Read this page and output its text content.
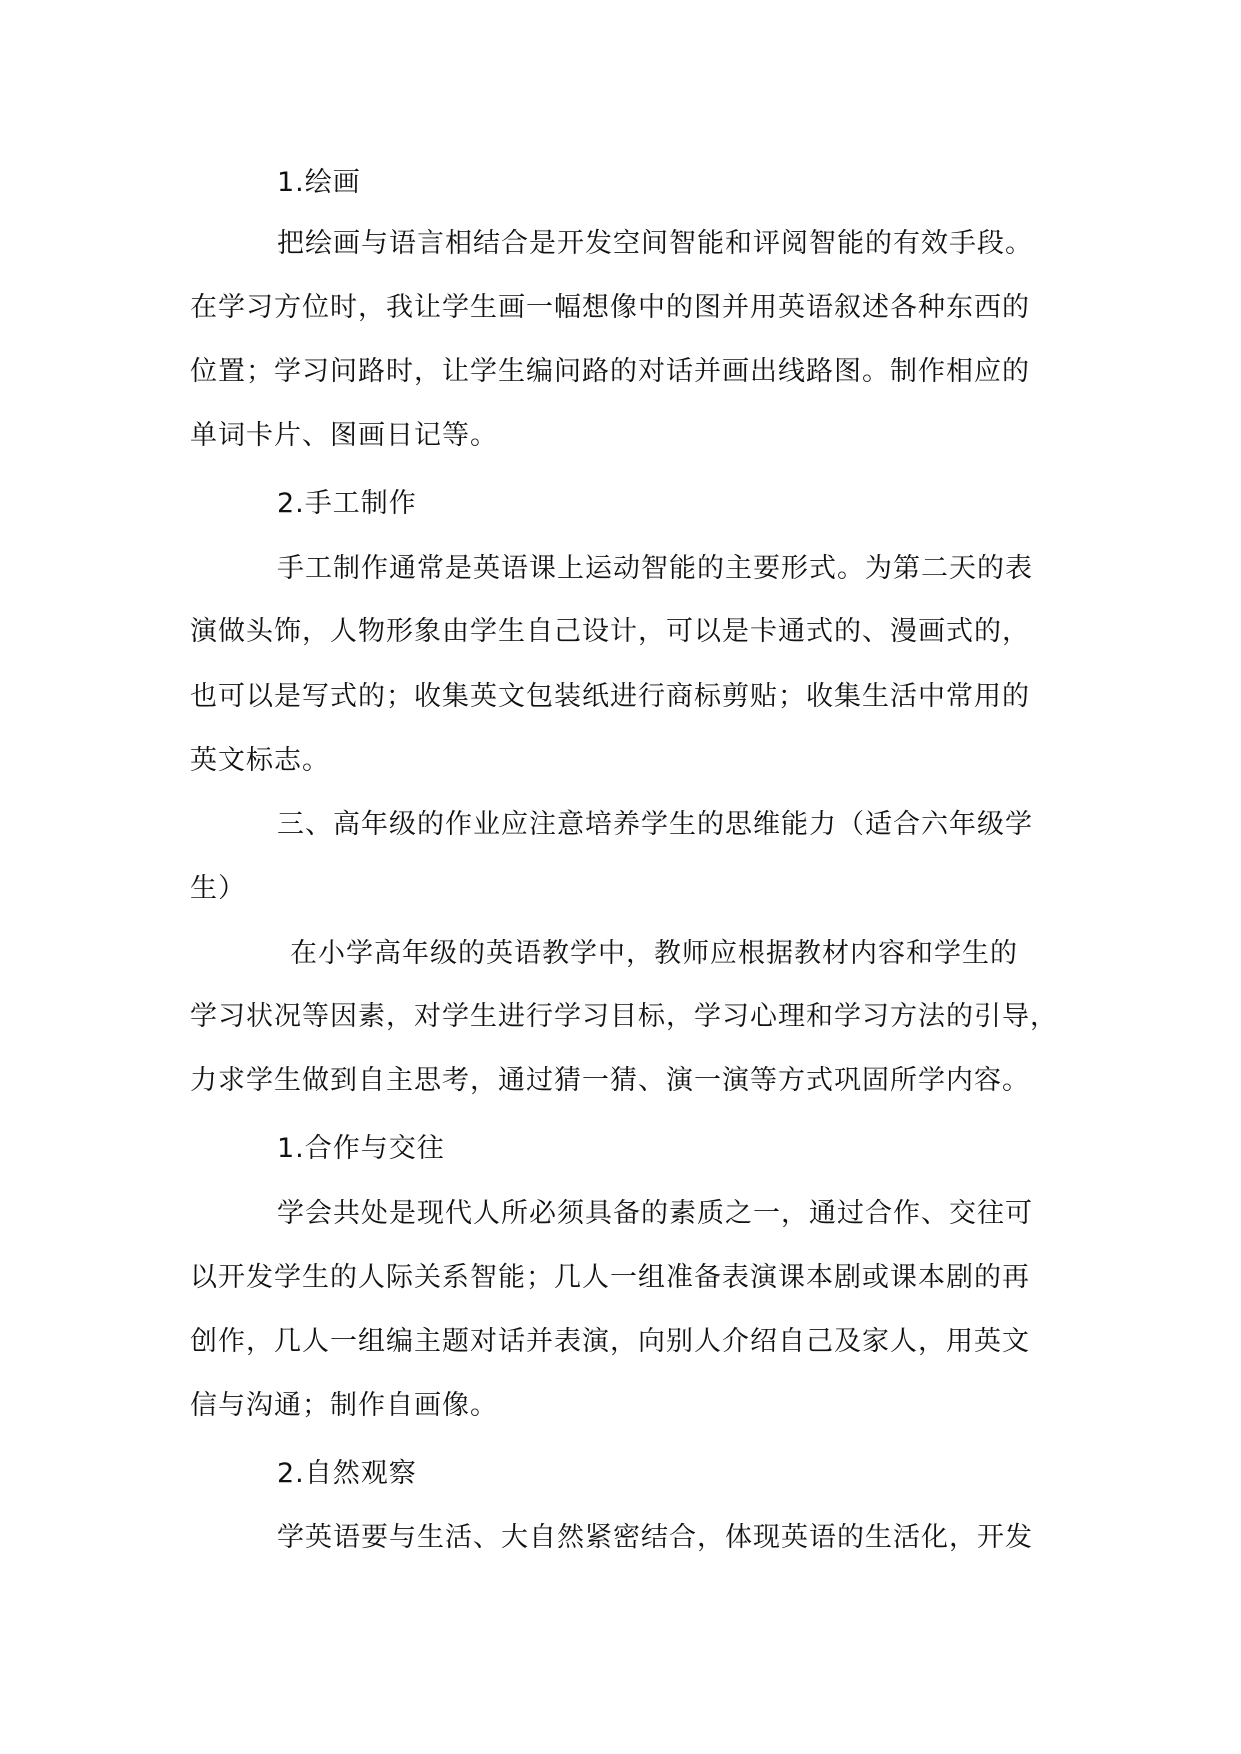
1.绘画
把绘画与语言相结合是开发空间智能和评阅智能的有效手段。
在学习方位时，我让学生画一幅想像中的图并用英语叙述各种东西的
位置；学习问路时，让学生编问路的对话并画出线路图。制作相应的
单词卡片、图画日记等。
2.手工制作
手工制作通常是英语课上运动智能的主要形式。为第二天的表
演做头饰，人物形象由学生自己设计，可以是卡通式的、漫画式的，
也可以是写式的；收集英文包装纸进行商标剪贴；收集生活中常用的
英文标志。
三、高年级的作业应注意培养学生的思维能力（适合六年级学
生）
在小学高年级的英语教学中，教师应根据教材内容和学生的
学习状况等因素，对学生进行学习目标，学习心理和学习方法的引导，
力求学生做到自主思考，通过猜一猜、演一演等方式巩固所学内容。
1.合作与交往
学会共处是现代人所必须具备的素质之一，通过合作、交往可
以开发学生的人际关系智能；几人一组准备表演课本剧或课本剧的再
创作，几人一组编主题对话并表演，向别人介绍自己及家人，用英文
信与沟通；制作自画像。
2.自然观察
学英语要与生活、大自然紧密结合，体现英语的生活化，开发
